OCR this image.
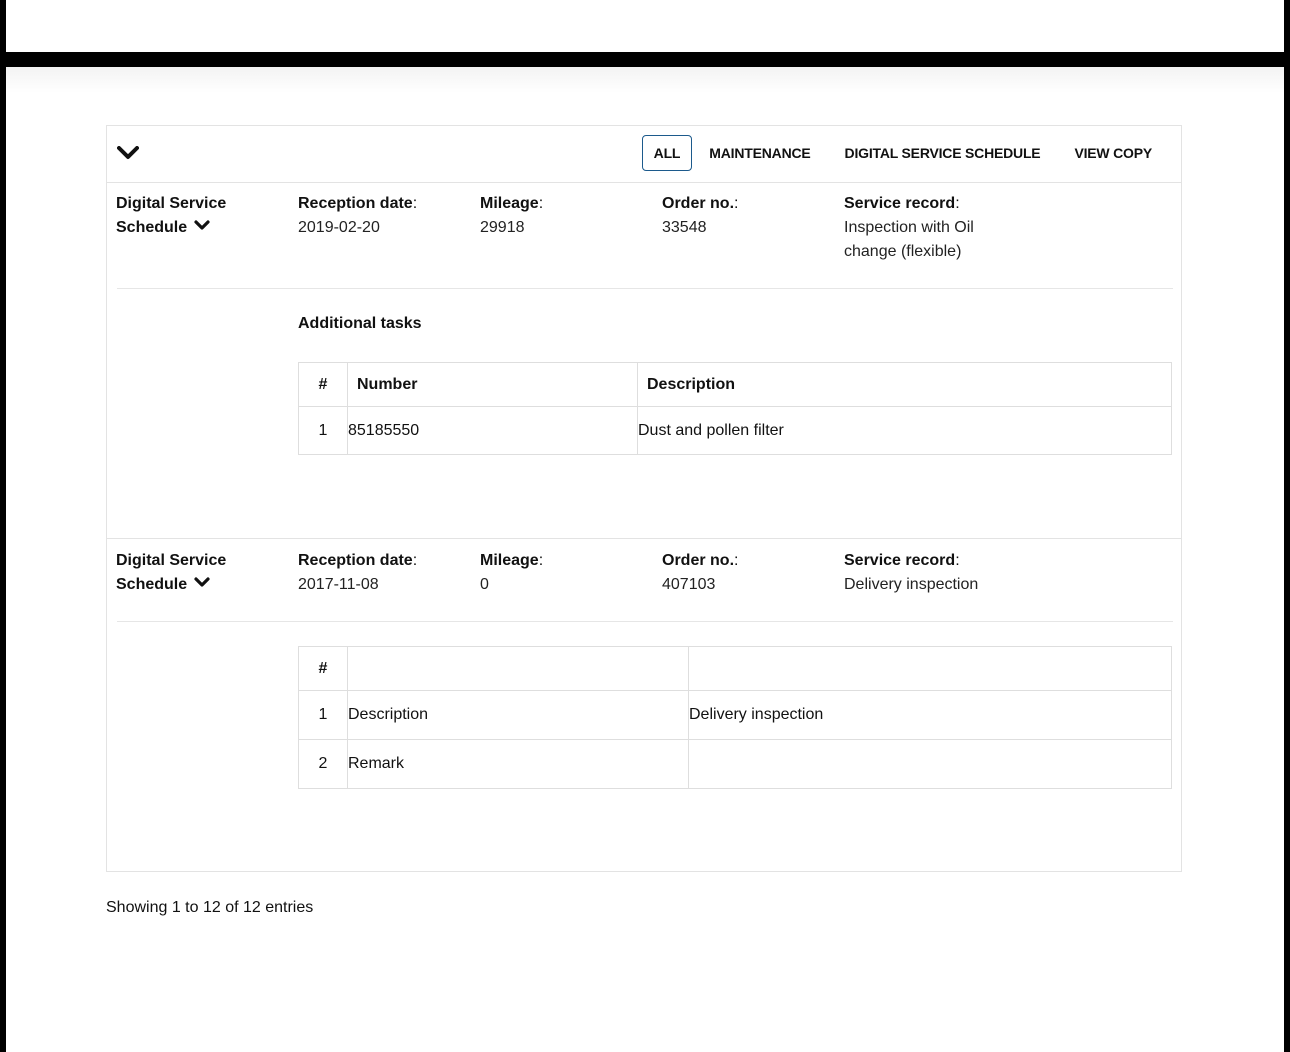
ALL	MAINTENANCE	DIGITAL SERVICE SCHEDULE	VIEW COPY
Digital Service
Schedule
Reception date:
2019-02-20
Mileage:
29918
Order no.:
33548
Service record:
Inspection with Oil
change (flexible)
Additional tasks
#	Number	Description
1	85185550	Dust and pollen filter
Digital Service
Schedule
Reception date:
2017-11-08
Mileage:
0
Order no.:
407103
Service record:
Delivery inspection
#		
1	Description	Delivery inspection
2	Remark	
Showing 1 to 12 of 12 entries
